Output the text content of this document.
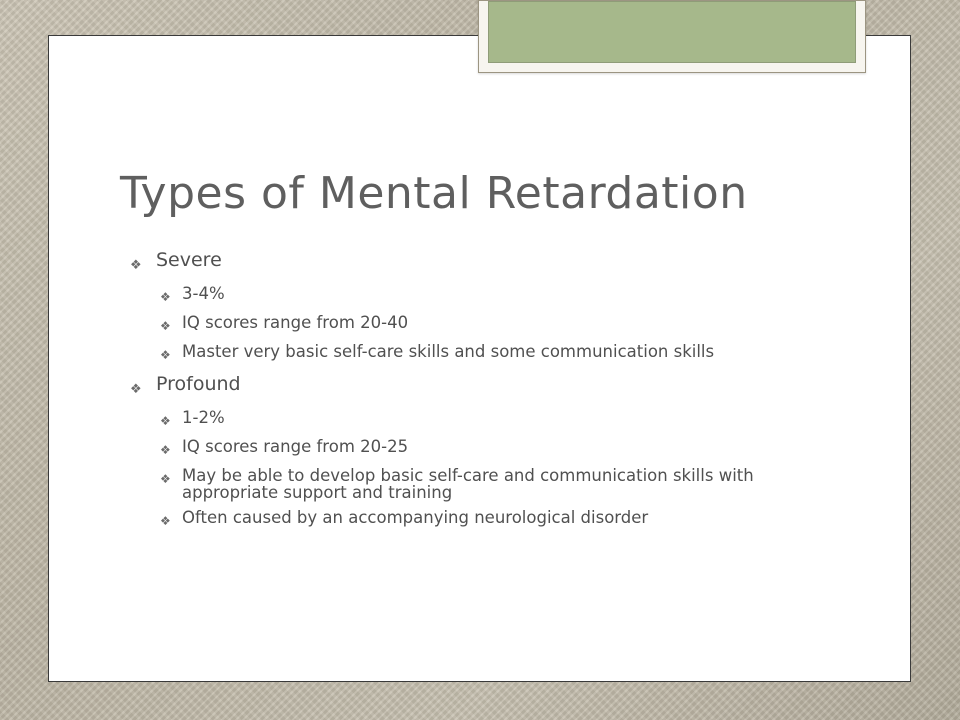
Types of Mental Retardation
❖ Severe
❖ 3-4%
❖ IQ scores range from 20-40
❖ Master very basic self-care skills and some communication skills
❖ Profound
❖ 1-2%
❖ IQ scores range from 20-25
❖ May be able to develop basic self-care and communication skills with appropriate support and training
❖ Often caused by an accompanying neurological disorder
